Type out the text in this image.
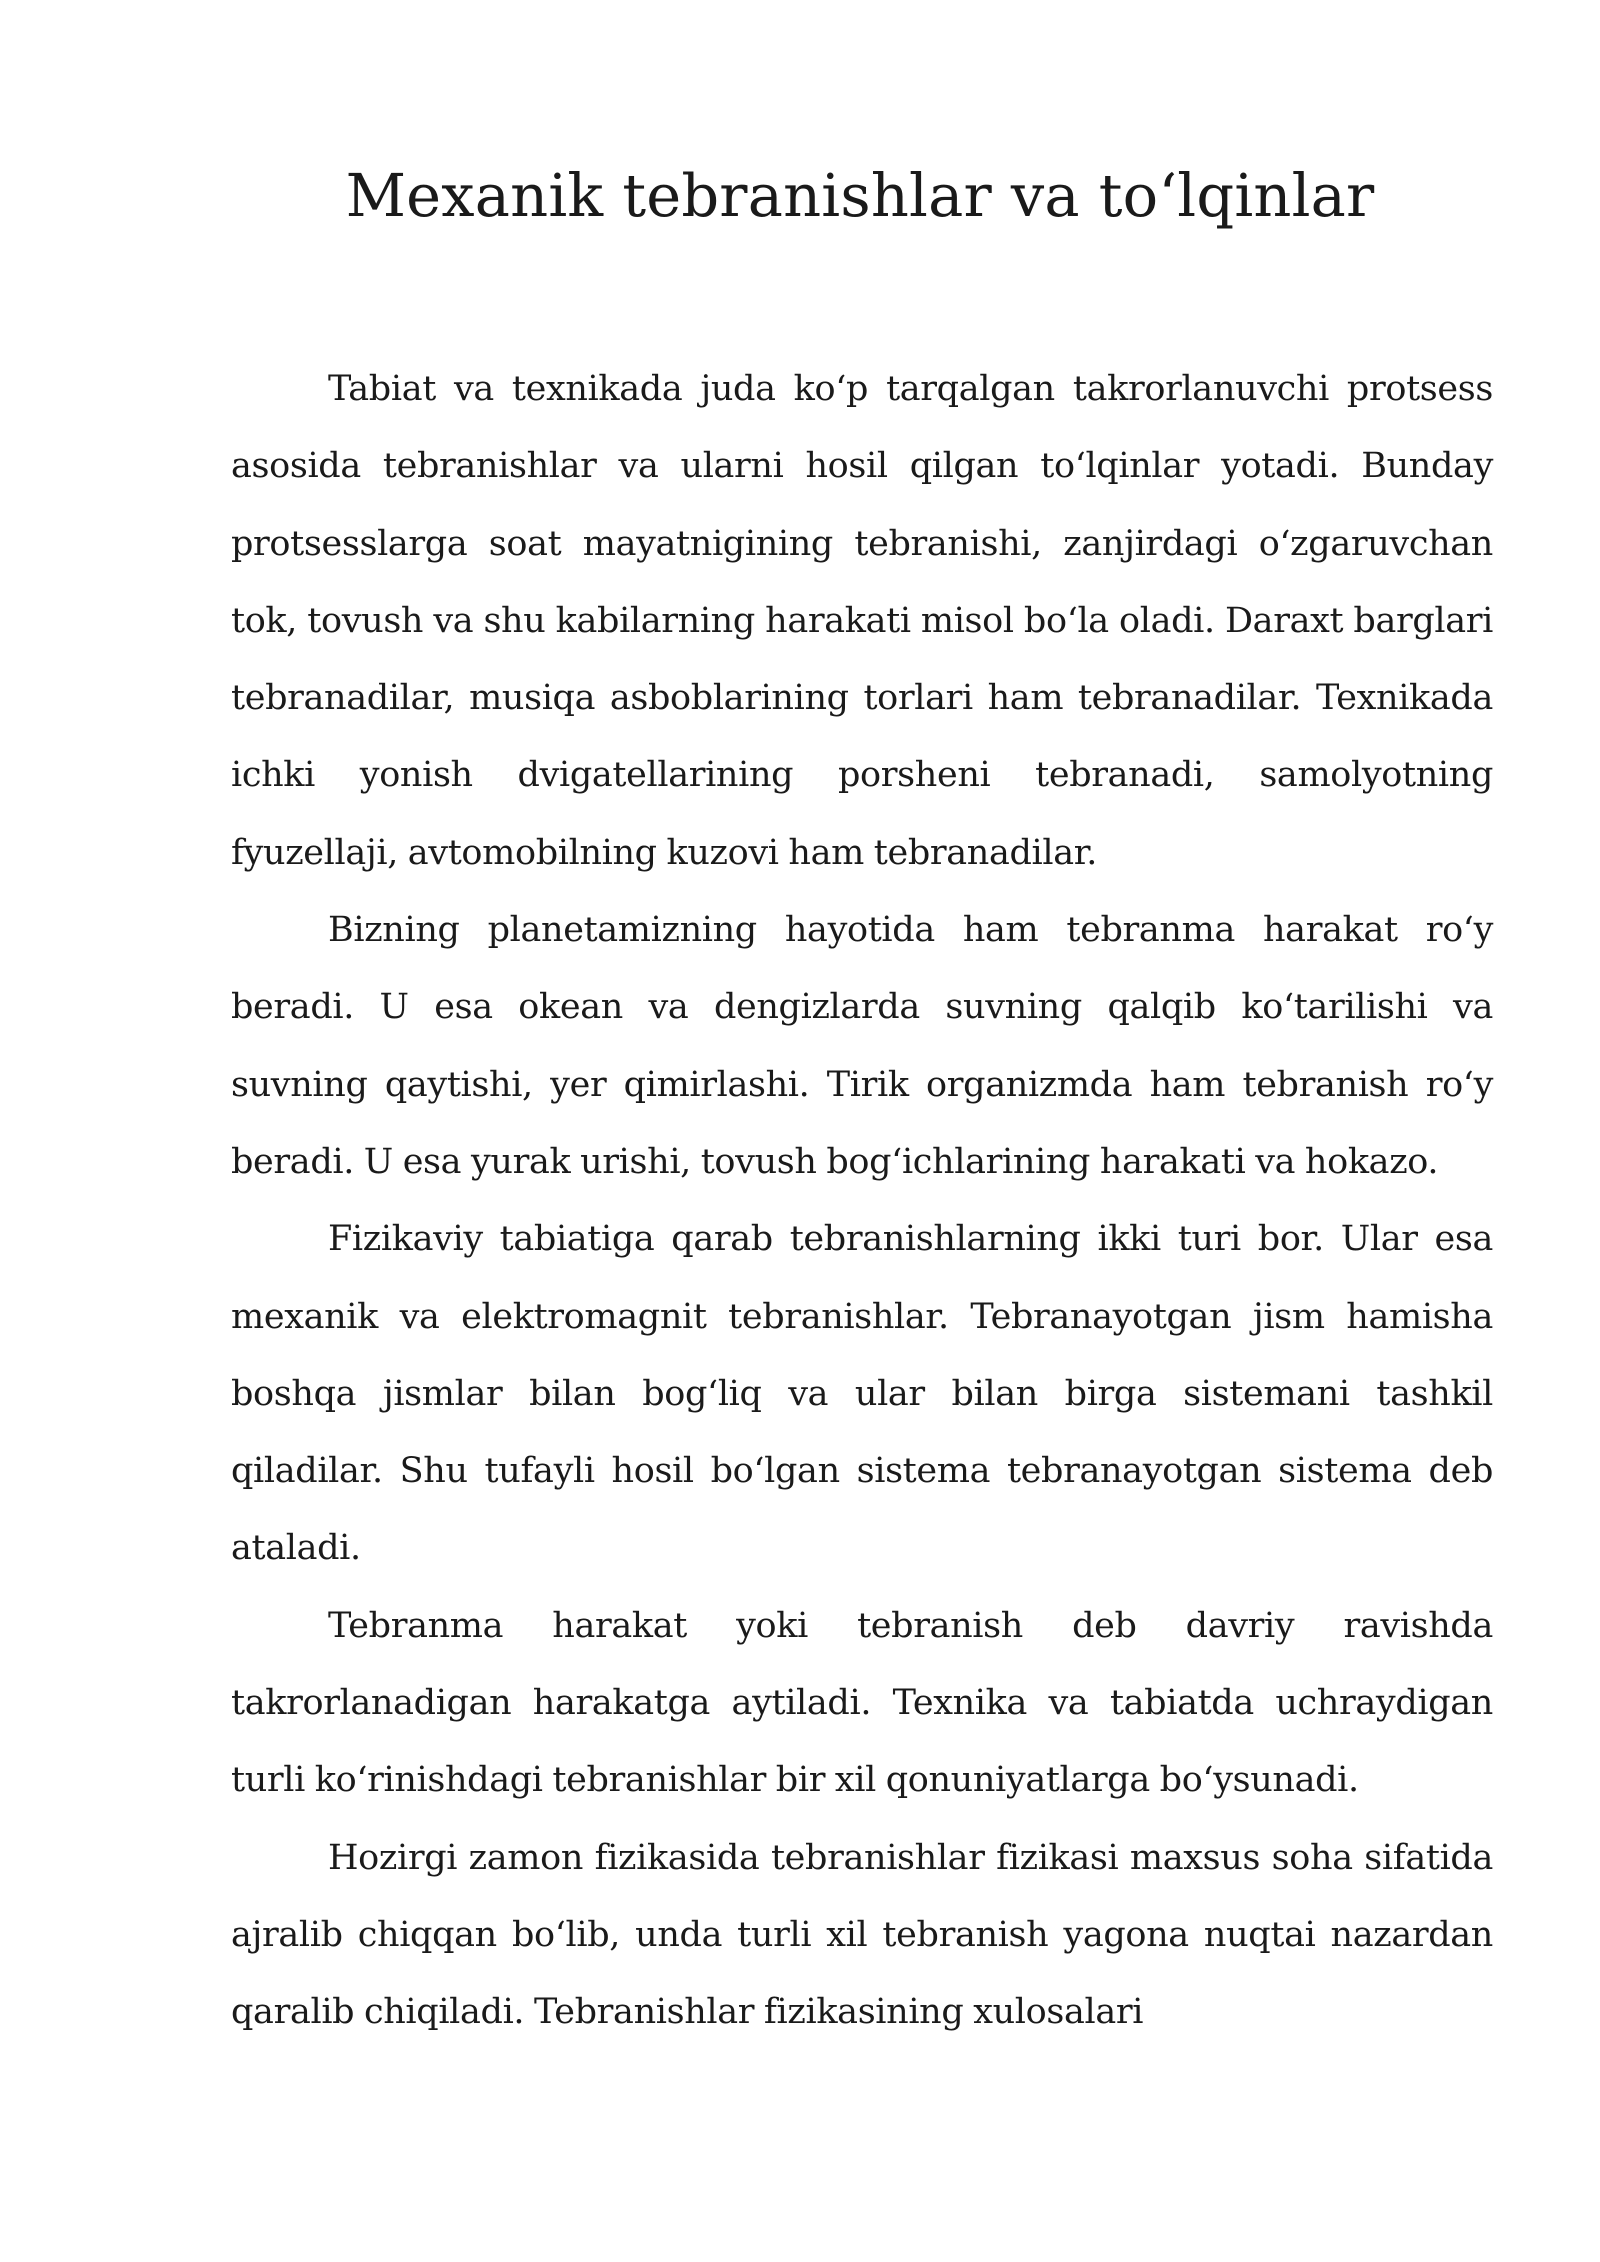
Mexanik tebranishlar va to‘lqinlar

Tabiat va texnikada juda ko‘p tarqalgan takrorlanuvchi protsess asosida tebranishlar va ularni hosil qilgan to‘lqinlar yotadi. Bunday protsesslarga soat mayatnigining tebranishi, zanjirdagi o‘zgaruvchan tok, tovush va shu kabilarning harakati misol bo‘la oladi. Daraxt barglari tebranadilar, musiqa asboblarining torlari ham tebranadilar. Texnikada ichki yonish dvigatellarining porsheni tebranadi, samolyotning fyuzellaji, avtomobilning kuzovi ham tebranadilar.

Bizning planetamizning hayotida ham tebranma harakat ro‘y beradi. U esa okean va dengizlarda suvning qalqib ko‘tarilishi va suvning qaytishi, yer qimirlashi. Tirik organizmda ham tebranish ro‘y beradi. U esa yurak urishi, tovush bog‘ichlarining harakati va hokazo.

Fizikaviy tabiatiga qarab tebranishlarning ikki turi bor. Ular esa mexanik va elektromagnit tebranishlar. Tebranayotgan jism hamisha boshqa jismlar bilan bog‘liq va ular bilan birga sistemani tashkil qiladilar. Shu tufayli hosil bo‘lgan sistema tebranayotgan sistema deb ataladi.

Tebranma harakat yoki tebranish deb davriy ravishda takrorlanadigan harakatga aytiladi. Texnika va tabiatda uchraydigan turli ko‘rinishdagi tebranishlar bir xil qonuniyatlarga bo‘ysunadi.

Hozirgi zamon fizikasida tebranishlar fizikasi maxsus soha sifatida ajralib chiqqan bo‘lib, unda turli xil tebranish yagona nuqtai nazardan qaralib chiqiladi. Tebranishlar fizikasining xulosalari
